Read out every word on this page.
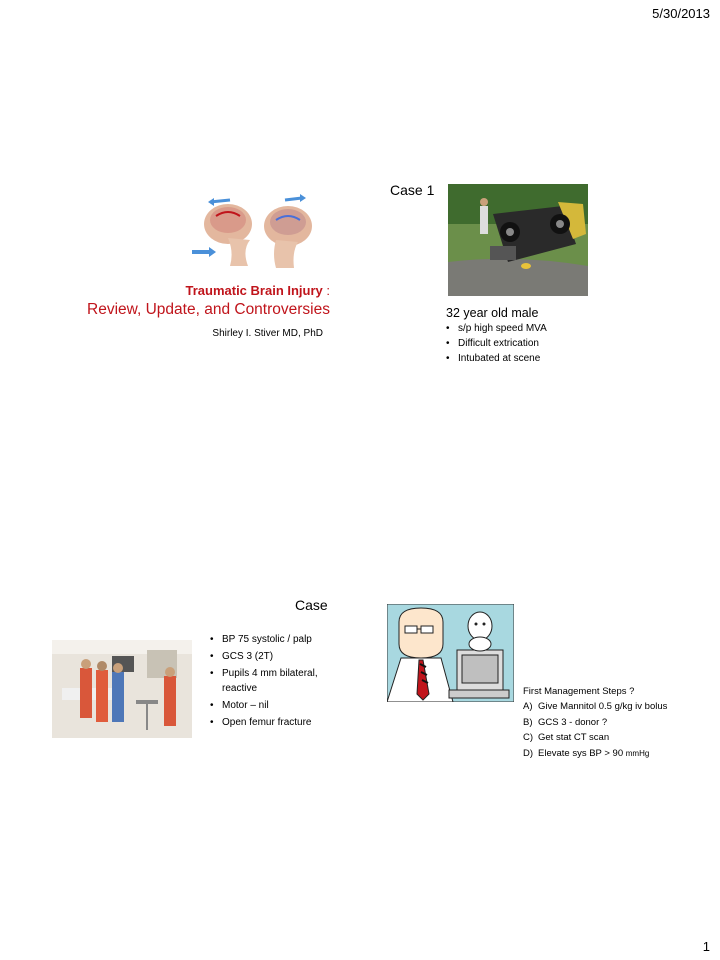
5/30/2013
Traumatic Brain Injury :
Review, Update, and Controversies
Shirley I. Stiver MD, PhD
Case 1
32 year old male
• s/p high speed MVA
• Difficult extrication
• Intubated at scene
Case
• BP 75 systolic / palp
• GCS 3 (2T)
• Pupils 4 mm bilateral, reactive
• Motor – nil
• Open femur fracture
First Management Steps ?
A) Give Mannitol 0.5 g/kg iv bolus
B) GCS 3 - donor ?
C) Get stat CT scan
D) Elevate sys BP > 90 mmHg
1
